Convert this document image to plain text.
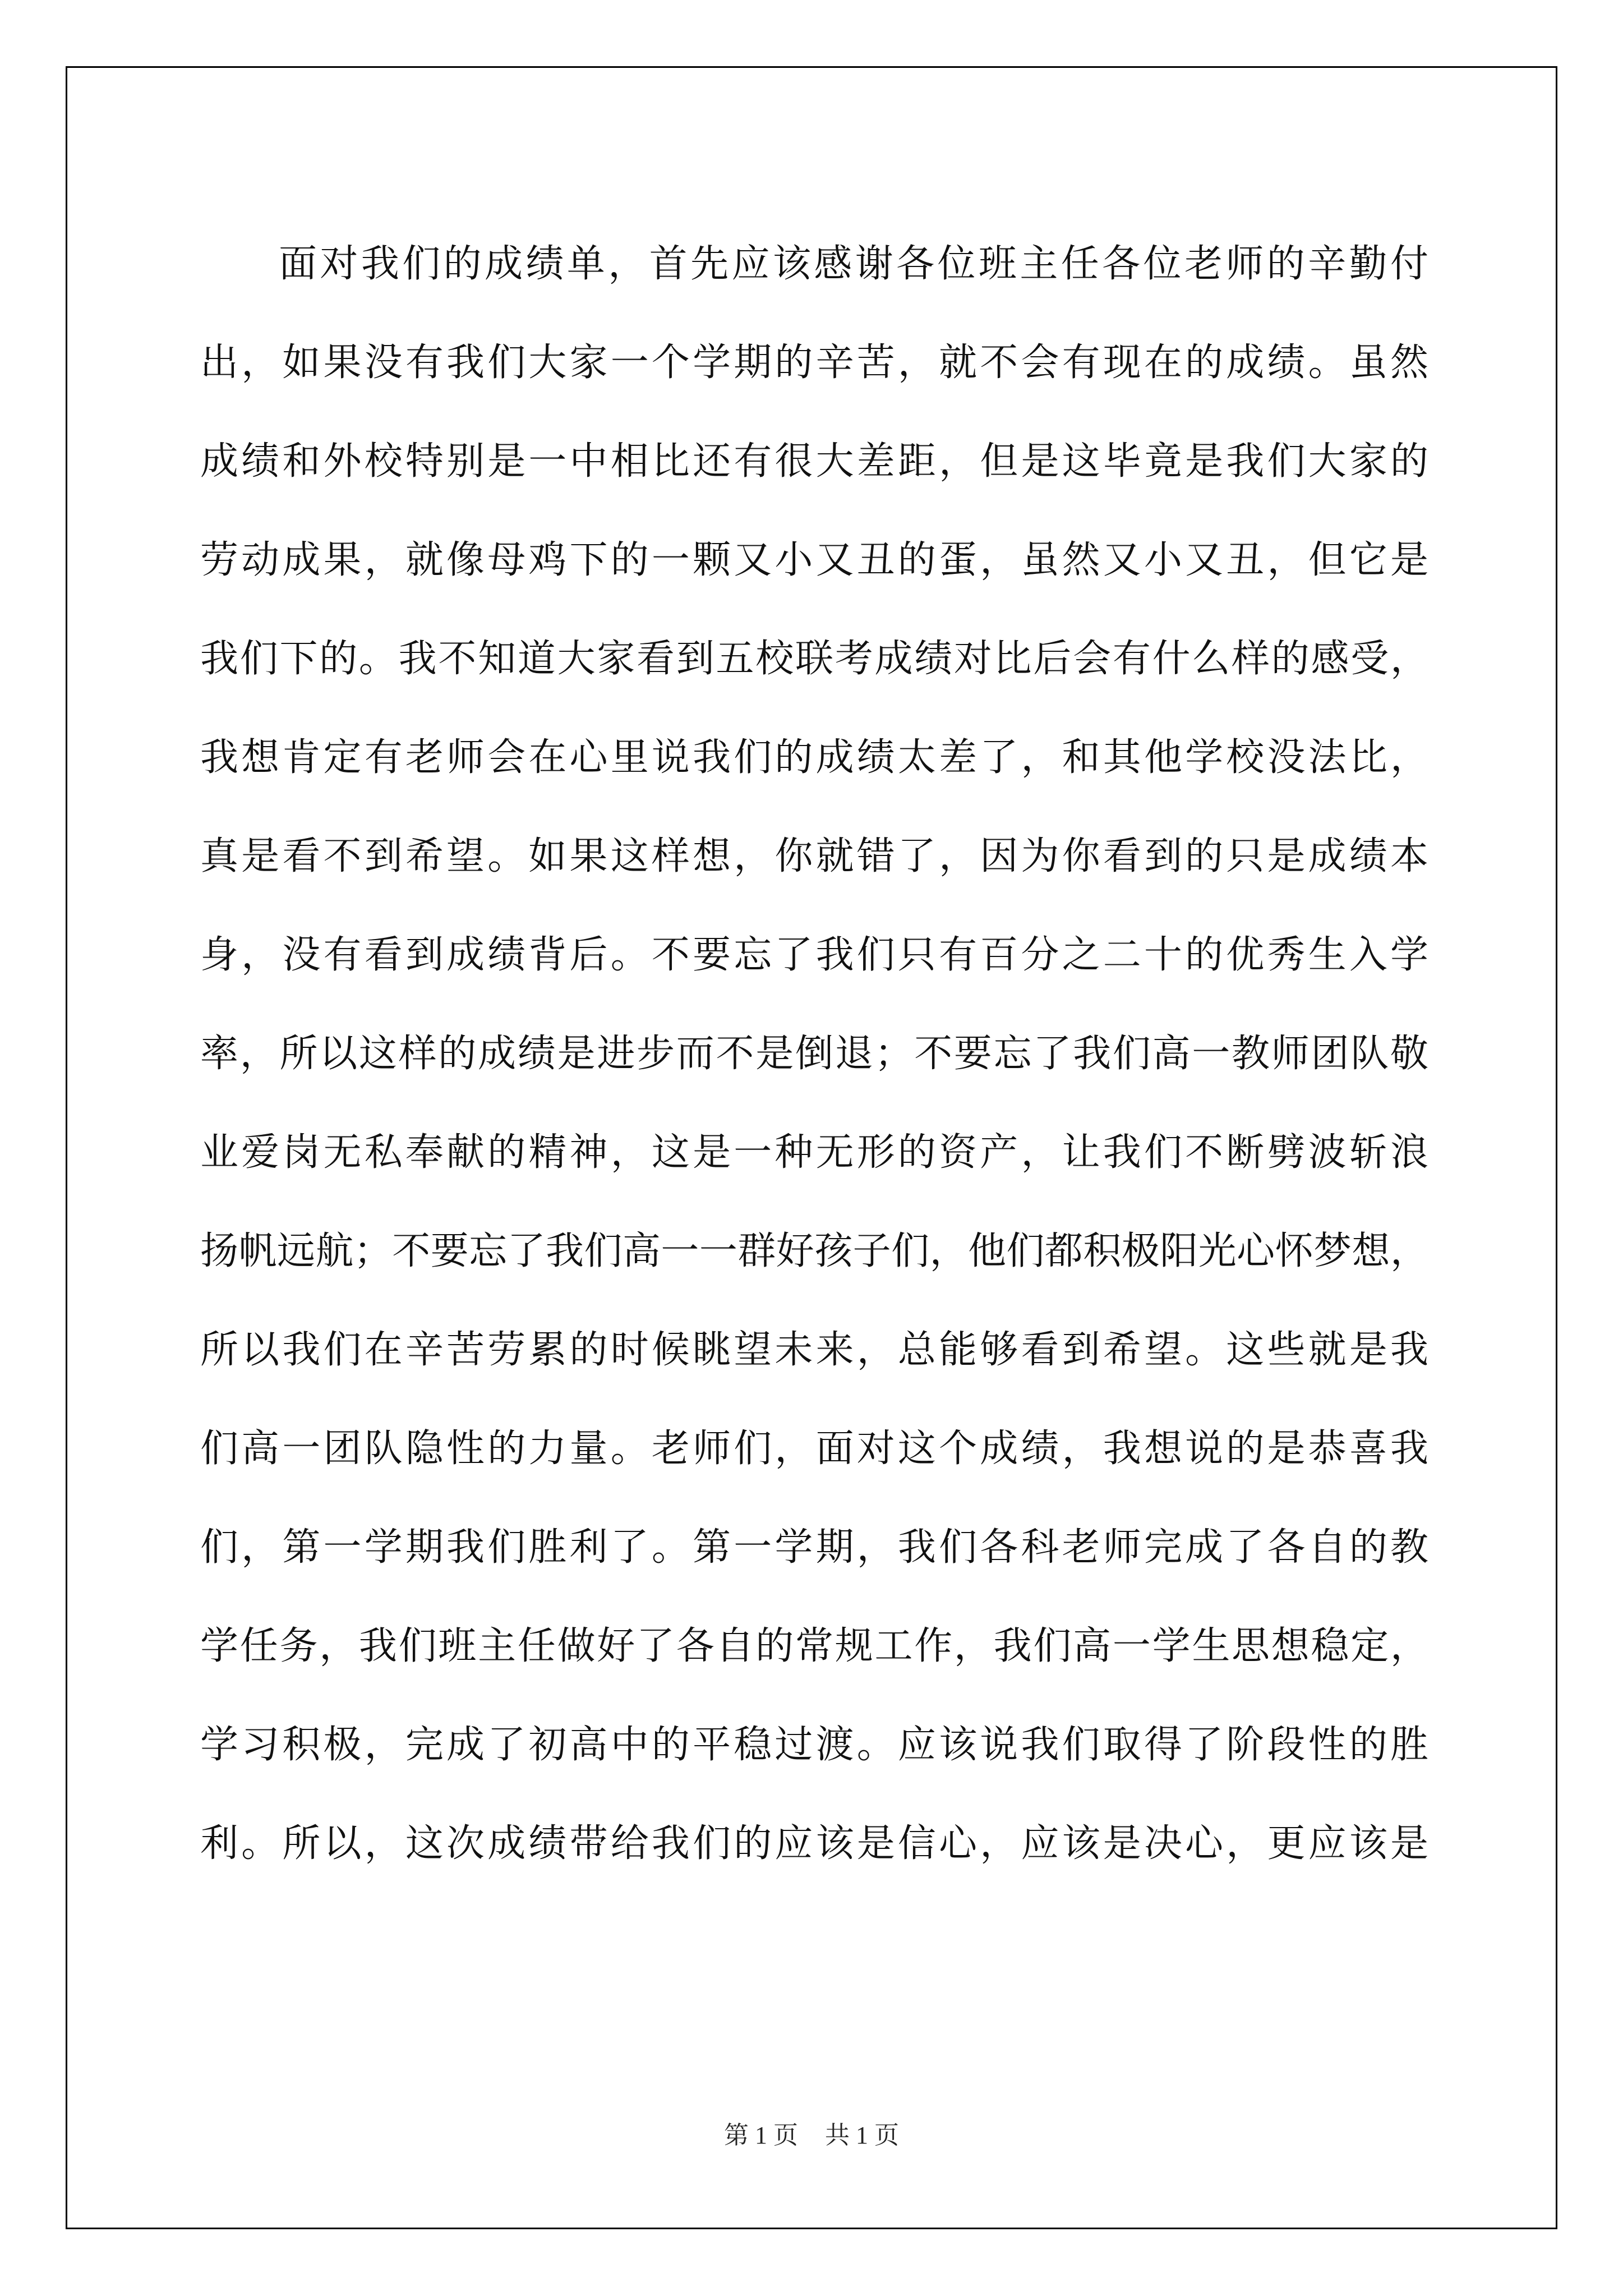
面对我们的成绩单，首先应该感谢各位班主任各位老师的辛勤付
出，如果没有我们大家一个学期的辛苦，就不会有现在的成绩。虽然
成绩和外校特别是一中相比还有很大差距，但是这毕竟是我们大家的
劳动成果，就像母鸡下的一颗又小又丑的蛋，虽然又小又丑，但它是
我们下的。我不知道大家看到五校联考成绩对比后会有什么样的感受，
我想肯定有老师会在心里说我们的成绩太差了，和其他学校没法比，
真是看不到希望。如果这样想，你就错了，因为你看到的只是成绩本
身，没有看到成绩背后。不要忘了我们只有百分之二十的优秀生入学
率，所以这样的成绩是进步而不是倒退；不要忘了我们高一教师团队敬
业爱岗无私奉献的精神，这是一种无形的资产，让我们不断劈波斩浪
扬帆远航；不要忘了我们高一一群好孩子们，他们都积极阳光心怀梦想，
所以我们在辛苦劳累的时候眺望未来，总能够看到希望。这些就是我
们高一团队隐性的力量。老师们，面对这个成绩，我想说的是恭喜我
们，第一学期我们胜利了。第一学期，我们各科老师完成了各自的教
学任务，我们班主任做好了各自的常规工作，我们高一学生思想稳定，
学习积极，完成了初高中的平稳过渡。应该说我们取得了阶段性的胜
利。所以，这次成绩带给我们的应该是信心，应该是决心，更应该是
第 1 页 共 1 页
